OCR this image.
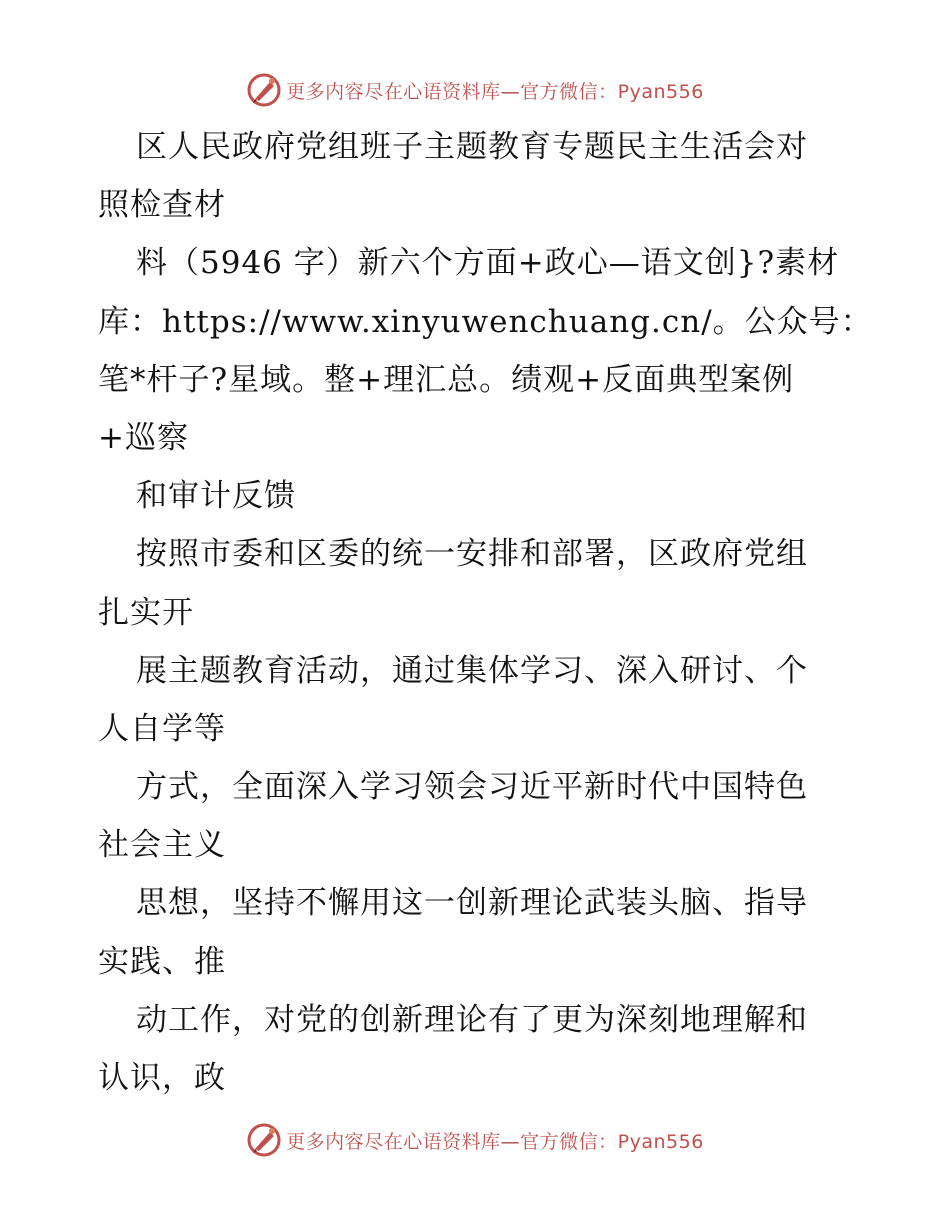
更多内容尽在心语资料库—官方微信：Pyan556
区人民政府党组班子主题教育专题民主生活会对
照检查材
料（5946 字）新六个方面+政心—语文创}?素材
库：https://www.xinyuwenchuang.cn/。公众号：
笔*杆子?星域。整+理汇总。绩观+反面典型案例
+巡察
和审计反馈
按照市委和区委的统一安排和部署，区政府党组
扎实开
展主题教育活动，通过集体学习、深入研讨、个
人自学等
方式，全面深入学习领会习近平新时代中国特色
社会主义
思想，坚持不懈用这一创新理论武装头脑、指导
实践、推
动工作，对党的创新理论有了更为深刻地理解和
认识，政
更多内容尽在心语资料库—官方微信：Pyan556
